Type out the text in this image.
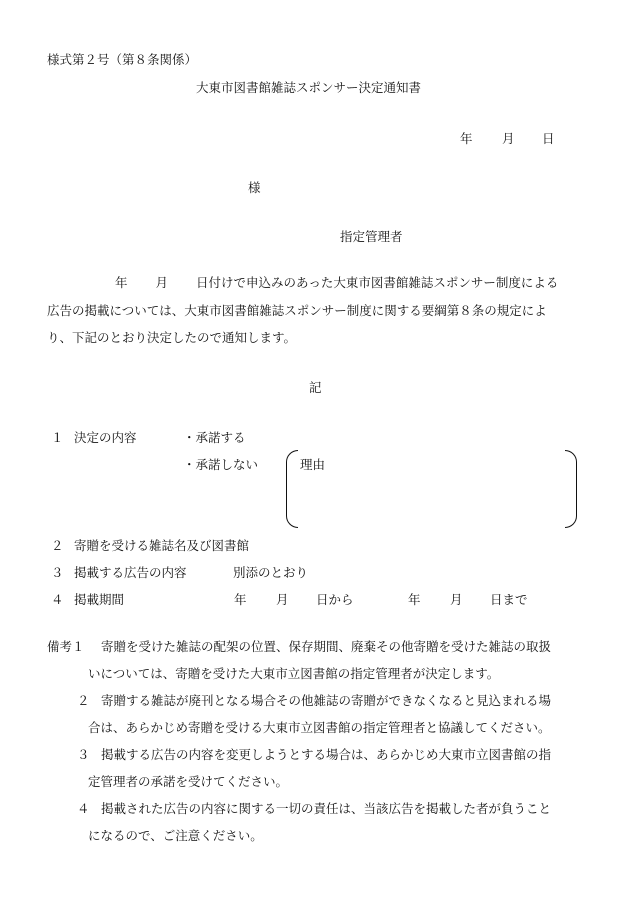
様式第２号（第８条関係）
大東市図書館雑誌スポンサー決定通知書
年 月 日
様
指定管理者
年 月 日付けで申込みのあった大東市図書館雑誌スポンサー制度による
広告の掲載については、大東市図書館雑誌スポンサー制度に関する要綱第８条の規定によ
り、下記のとおり決定したので通知します。
記
１ 決定の内容	・承諾する
・承諾しない	理由
２ 寄贈を受ける雑誌名及び図書館
３ 掲載する広告の内容	別添のとおり
４ 掲載期間	年 月 日から	年 月 日まで
備考１ 寄贈を受けた雑誌の配架の位置、保存期間、廃棄その他寄贈を受けた雑誌の取扱
いについては、寄贈を受けた大東市立図書館の指定管理者が決定します。
２ 寄贈する雑誌が廃刊となる場合その他雑誌の寄贈ができなくなると見込まれる場
合は、あらかじめ寄贈を受ける大東市立図書館の指定管理者と協議してください。
３ 掲載する広告の内容を変更しようとする場合は、あらかじめ大東市立図書館の指
定管理者の承諾を受けてください。
４ 掲載された広告の内容に関する一切の責任は、当該広告を掲載した者が負うこと
になるので、ご注意ください。
